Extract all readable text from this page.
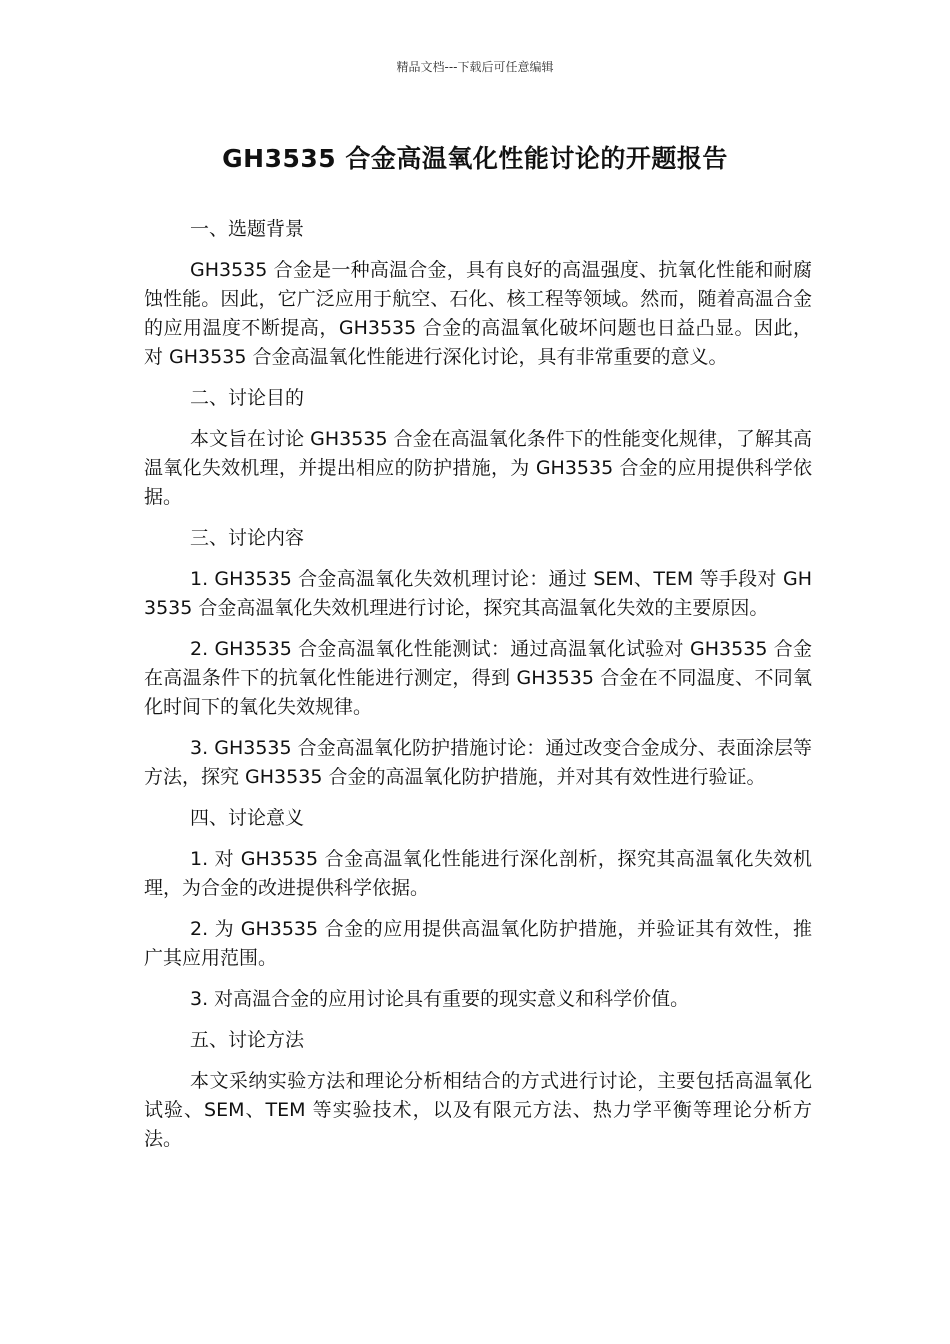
精品文档---下载后可任意编辑
GH3535 合金高温氧化性能讨论的开题报告
一、选题背景

GH3535 合金是一种高温合金，具有良好的高温强度、抗氧化性能和耐腐蚀性能。因此，它广泛应用于航空、石化、核工程等领域。然而，随着高温合金的应用温度不断提高，GH3535 合金的高温氧化破坏问题也日益凸显。因此，对 GH3535 合金高温氧化性能进行深化讨论，具有非常重要的意义。

二、讨论目的

本文旨在讨论 GH3535 合金在高温氧化条件下的性能变化规律，了解其高温氧化失效机理，并提出相应的防护措施，为 GH3535 合金的应用提供科学依据。

三、讨论内容

1. GH3535 合金高温氧化失效机理讨论：通过 SEM、TEM 等手段对 GH3535 合金高温氧化失效机理进行讨论，探究其高温氧化失效的主要原因。

2. GH3535 合金高温氧化性能测试：通过高温氧化试验对 GH3535 合金在高温条件下的抗氧化性能进行测定，得到 GH3535 合金在不同温度、不同氧化时间下的氧化失效规律。

3. GH3535 合金高温氧化防护措施讨论：通过改变合金成分、表面涂层等方法，探究 GH3535 合金的高温氧化防护措施，并对其有效性进行验证。

四、讨论意义

1. 对 GH3535 合金高温氧化性能进行深化剖析，探究其高温氧化失效机理，为合金的改进提供科学依据。

2. 为 GH3535 合金的应用提供高温氧化防护措施，并验证其有效性，推广其应用范围。

3. 对高温合金的应用讨论具有重要的现实意义和科学价值。

五、讨论方法

本文采纳实验方法和理论分析相结合的方式进行讨论，主要包括高温氧化试验、SEM、TEM 等实验技术，以及有限元方法、热力学平衡等理论分析方法。
